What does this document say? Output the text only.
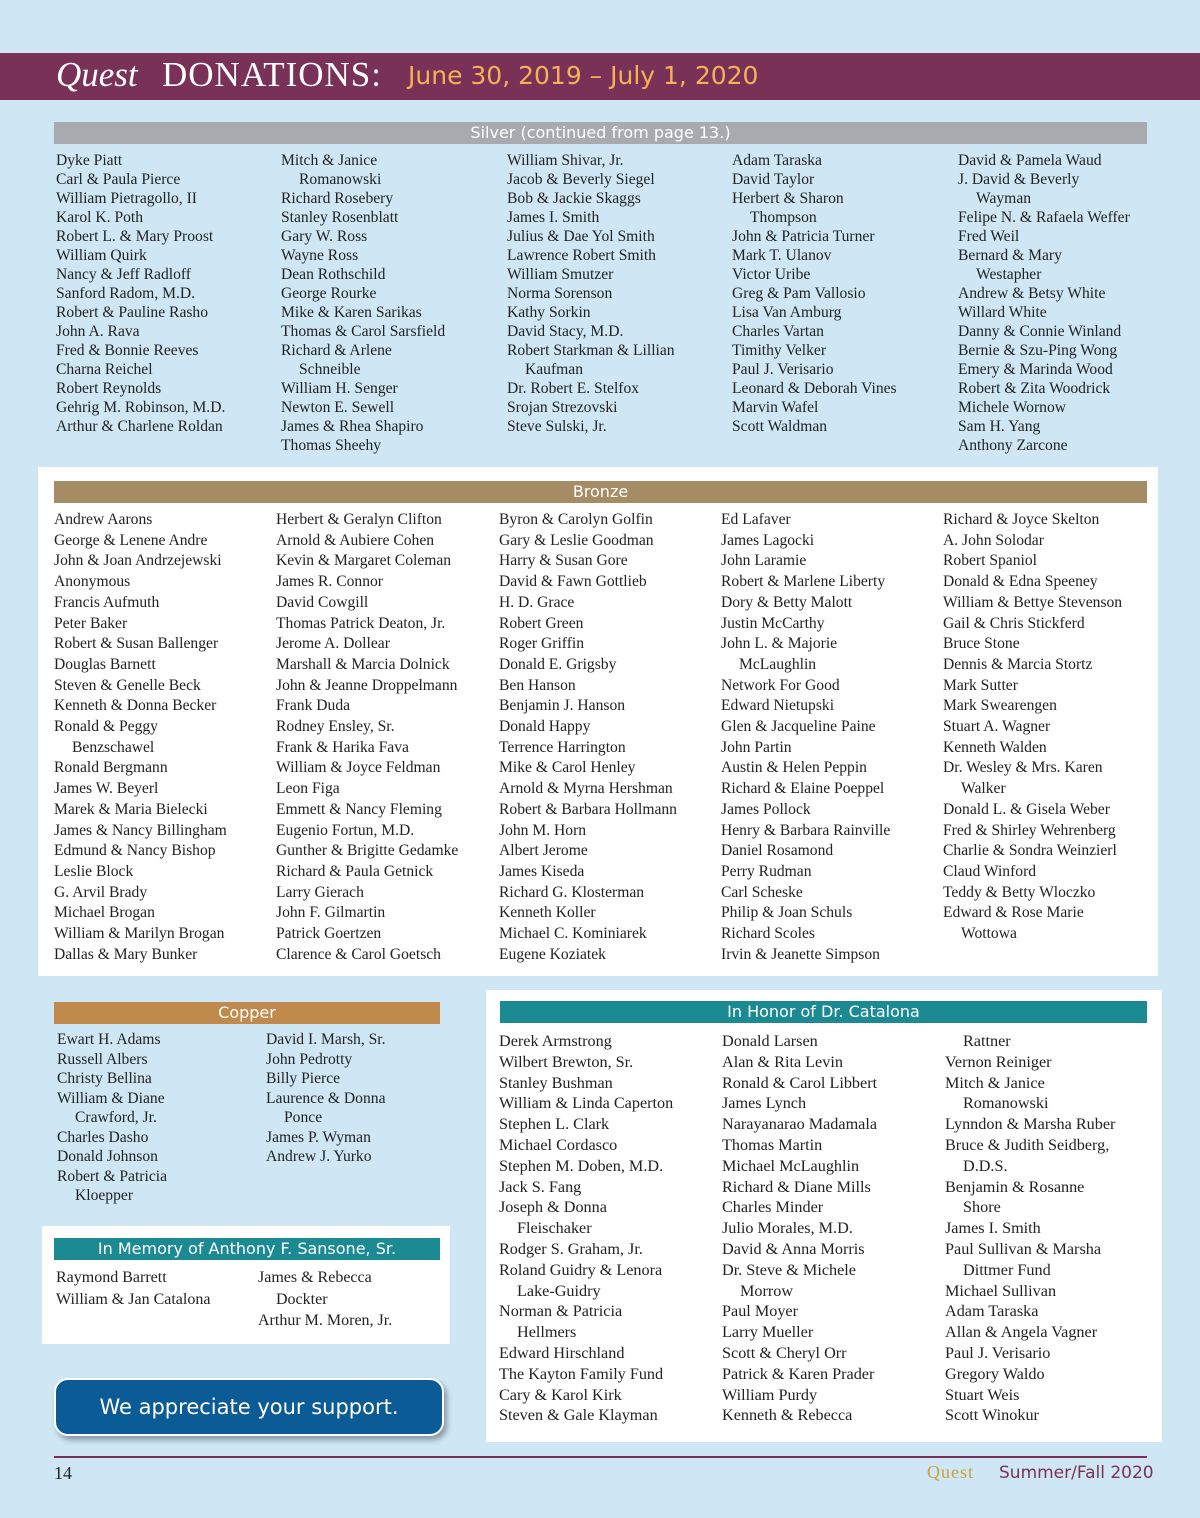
Quest DONATIONS: June 30, 2019 – July 1, 2020
Silver (continued from page 13.)
Dyke Piatt
Carl & Paula Pierce
William Pietragollo, II
Karol K. Poth
Robert L. & Mary Proost
William Quirk
Nancy & Jeff Radloff
Sanford Radom, M.D.
Robert & Pauline Rasho
John A. Rava
Fred & Bonnie Reeves
Charna Reichel
Robert Reynolds
Gehrig M. Robinson, M.D.
Arthur & Charlene Roldan
Mitch & Janice
Romanowski
Richard Rosebery
Stanley Rosenblatt
Gary W. Ross
Wayne Ross
Dean Rothschild
George Rourke
Mike & Karen Sarikas
Thomas & Carol Sarsfield
Richard & Arlene
Schneible
William H. Senger
Newton E. Sewell
James & Rhea Shapiro
Thomas Sheehy
William Shivar, Jr.
Jacob & Beverly Siegel
Bob & Jackie Skaggs
James I. Smith
Julius & Dae Yol Smith
Lawrence Robert Smith
William Smutzer
Norma Sorenson
Kathy Sorkin
David Stacy, M.D.
Robert Starkman & Lillian
Kaufman
Dr. Robert E. Stelfox
Srojan Strezovski
Steve Sulski, Jr.
Adam Taraska
David Taylor
Herbert & Sharon
Thompson
John & Patricia Turner
Mark T. Ulanov
Victor Uribe
Greg & Pam Vallosio
Lisa Van Amburg
Charles Vartan
Timithy Velker
Paul J. Verisario
Leonard & Deborah Vines
Marvin Wafel
Scott Waldman
David & Pamela Waud
J. David & Beverly
Wayman
Felipe N. & Rafaela Weffer
Fred Weil
Bernard & Mary
Westapher
Andrew & Betsy White
Willard White
Danny & Connie Winland
Bernie & Szu-Ping Wong
Emery & Marinda Wood
Robert & Zita Woodrick
Michele Wornow
Sam H. Yang
Anthony Zarcone
Bronze
Andrew Aarons
George & Lenene Andre
John & Joan Andrzejewski
Anonymous
Francis Aufmuth
Peter Baker
Robert & Susan Ballenger
Douglas Barnett
Steven & Genelle Beck
Kenneth & Donna Becker
Ronald & Peggy
Benzschawel
Ronald Bergmann
James W. Beyerl
Marek & Maria Bielecki
James & Nancy Billingham
Edmund & Nancy Bishop
Leslie Block
G. Arvil Brady
Michael Brogan
William & Marilyn Brogan
Dallas & Mary Bunker
Herbert & Geralyn Clifton
Arnold & Aubiere Cohen
Kevin & Margaret Coleman
James R. Connor
David Cowgill
Thomas Patrick Deaton, Jr.
Jerome A. Dollear
Marshall & Marcia Dolnick
John & Jeanne Droppelmann
Frank Duda
Rodney Ensley, Sr.
Frank & Harika Fava
William & Joyce Feldman
Leon Figa
Emmett & Nancy Fleming
Eugenio Fortun, M.D.
Gunther & Brigitte Gedamke
Richard & Paula Getnick
Larry Gierach
John F. Gilmartin
Patrick Goertzen
Clarence & Carol Goetsch
Byron & Carolyn Golfin
Gary & Leslie Goodman
Harry & Susan Gore
David & Fawn Gottlieb
H. D. Grace
Robert Green
Roger Griffin
Donald E. Grigsby
Ben Hanson
Benjamin J. Hanson
Donald Happy
Terrence Harrington
Mike & Carol Henley
Arnold & Myrna Hershman
Robert & Barbara Hollmann
John M. Horn
Albert Jerome
James Kiseda
Richard G. Klosterman
Kenneth Koller
Michael C. Kominiarek
Eugene Koziatek
Ed Lafaver
James Lagocki
John Laramie
Robert & Marlene Liberty
Dory & Betty Malott
Justin McCarthy
John L. & Majorie
McLaughlin
Network For Good
Edward Nietupski
Glen & Jacqueline Paine
John Partin
Austin & Helen Peppin
Richard & Elaine Poeppel
James Pollock
Henry & Barbara Rainville
Daniel Rosamond
Perry Rudman
Carl Scheske
Philip & Joan Schuls
Richard Scoles
Irvin & Jeanette Simpson
Richard & Joyce Skelton
A. John Solodar
Robert Spaniol
Donald & Edna Speeney
William & Bettye Stevenson
Gail & Chris Stickferd
Bruce Stone
Dennis & Marcia Stortz
Mark Sutter
Mark Swearengen
Stuart A. Wagner
Kenneth Walden
Dr. Wesley & Mrs. Karen
Walker
Donald L. & Gisela Weber
Fred & Shirley Wehrenberg
Charlie & Sondra Weinzierl
Claud Winford
Teddy & Betty Wloczko
Edward & Rose Marie
Wottowa
Copper
Ewart H. Adams
Russell Albers
Christy Bellina
William & Diane
Crawford, Jr.
Charles Dasho
Donald Johnson
Robert & Patricia
Kloepper
David I. Marsh, Sr.
John Pedrotty
Billy Pierce
Laurence & Donna
Ponce
James P. Wyman
Andrew J. Yurko
In Memory of Anthony F. Sansone, Sr.
Raymond Barrett
William & Jan Catalona
James & Rebecca
Dockter
Arthur M. Moren, Jr.
In Honor of Dr. Catalona
Derek Armstrong
Wilbert Brewton, Sr.
Stanley Bushman
William & Linda Caperton
Stephen L. Clark
Michael Cordasco
Stephen M. Doben, M.D.
Jack S. Fang
Joseph & Donna
Fleischaker
Rodger S. Graham, Jr.
Roland Guidry & Lenora
Lake-Guidry
Norman & Patricia
Hellmers
Edward Hirschland
The Kayton Family Fund
Cary & Karol Kirk
Steven & Gale Klayman
Donald Larsen
Alan & Rita Levin
Ronald & Carol Libbert
James Lynch
Narayanarao Madamala
Thomas Martin
Michael McLaughlin
Richard & Diane Mills
Charles Minder
Julio Morales, M.D.
David & Anna Morris
Dr. Steve & Michele
Morrow
Paul Moyer
Larry Mueller
Scott & Cheryl Orr
Patrick & Karen Prader
William Purdy
Kenneth & Rebecca
Rattner
Vernon Reiniger
Mitch & Janice
Romanowski
Lynndon & Marsha Ruber
Bruce & Judith Seidberg,
D.D.S.
Benjamin & Rosanne
Shore
James I. Smith
Paul Sullivan & Marsha
Dittmer Fund
Michael Sullivan
Adam Taraska
Allan & Angela Vagner
Paul J. Verisario
Gregory Waldo
Stuart Weis
Scott Winokur
We appreciate your support.
14	Quest Summer/Fall 2020
